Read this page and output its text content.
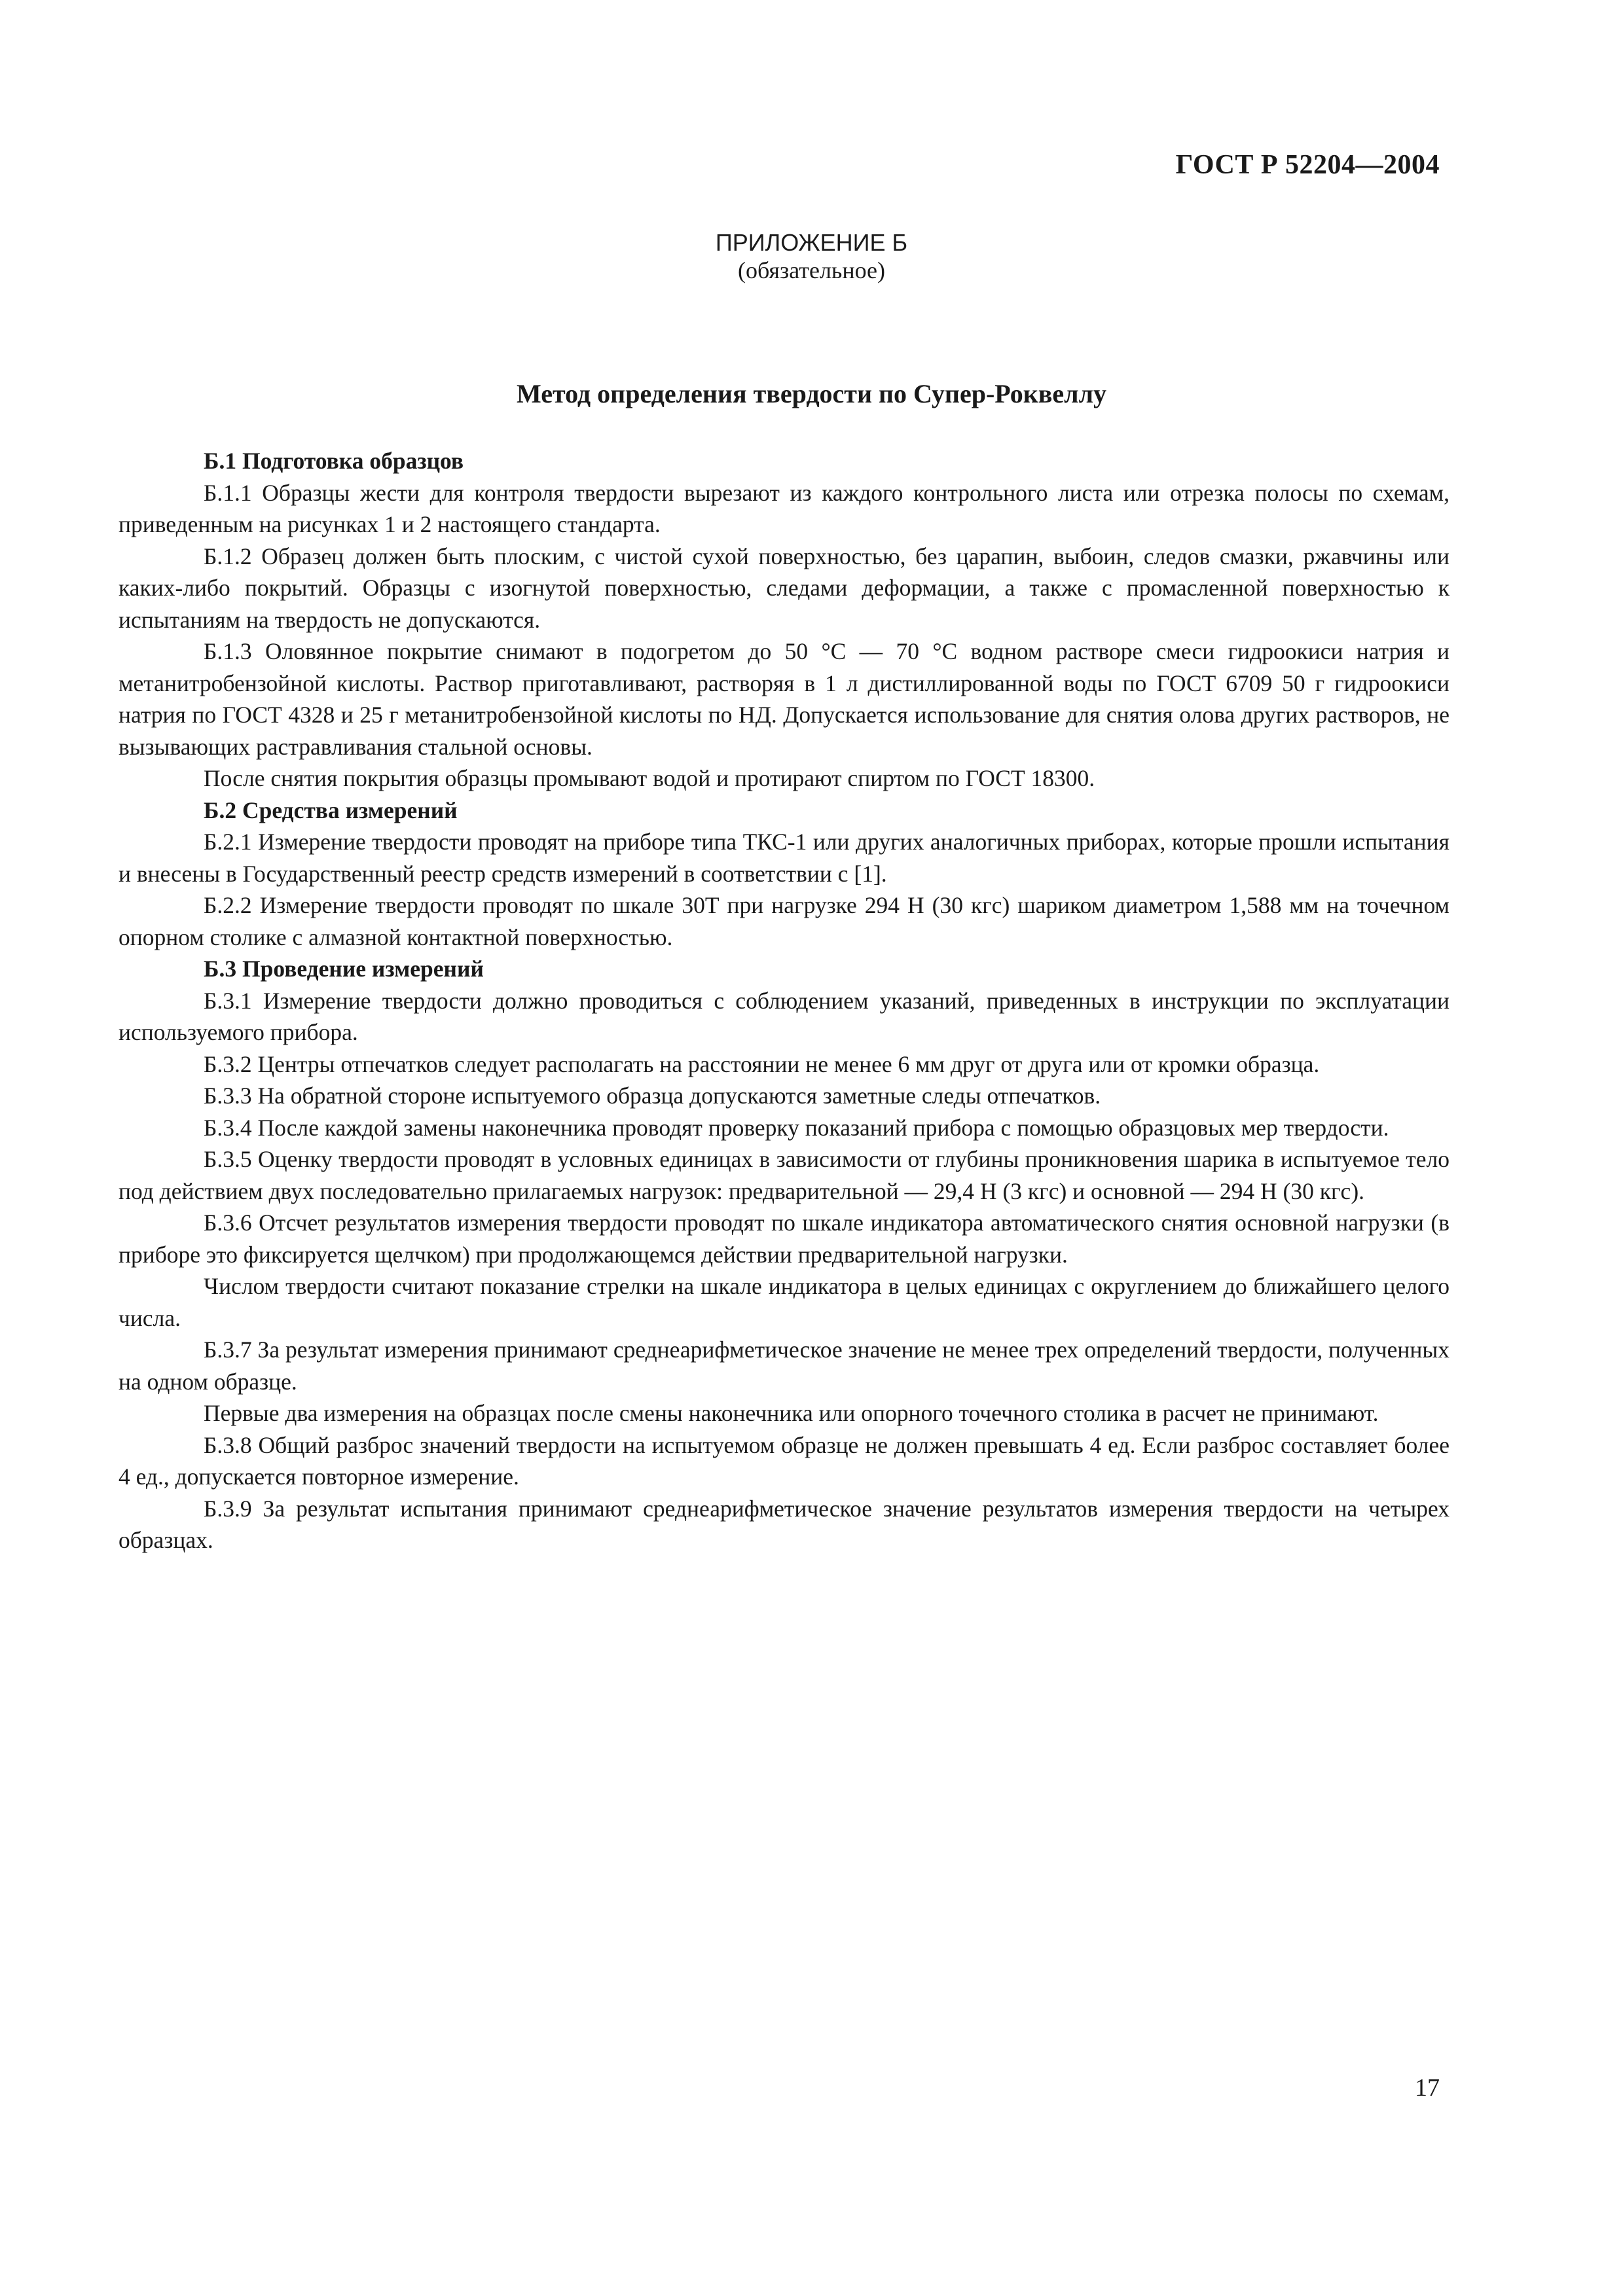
ГОСТ Р 52204—2004
ПРИЛОЖЕНИЕ Б
(обязательное)
Метод определения твердости по Супер-Роквеллу

Б.1 Подготовка образцов

Б.1.1 Образцы жести для контроля твердости вырезают из каждого контрольного листа или отрезка полосы по схемам, приведенным на рисунках 1 и 2 настоящего стандарта.

Б.1.2 Образец должен быть плоским, с чистой сухой поверхностью, без царапин, выбоин, следов смазки, ржавчины или каких-либо покрытий. Образцы с изогнутой поверхностью, следами деформации, а также с промасленной поверхностью к испытаниям на твердость не допускаются.

Б.1.3 Оловянное покрытие снимают в подогретом до 50 °С — 70 °С водном растворе смеси гидроокиси натрия и метанитробензойной кислоты. Раствор приготавливают, растворяя в 1 л дистиллированной воды по ГОСТ 6709 50 г гидроокиси натрия по ГОСТ 4328 и 25 г метанитробензойной кислоты по НД. Допускается использование для снятия олова других растворов, не вызывающих растравливания стальной основы.

После снятия покрытия образцы промывают водой и протирают спиртом по ГОСТ 18300.

Б.2 Средства измерений

Б.2.1 Измерение твердости проводят на приборе типа ТКС-1 или других аналогичных приборах, которые прошли испытания и внесены в Государственный реестр средств измерений в соответствии с [1].

Б.2.2 Измерение твердости проводят по шкале 30Т при нагрузке 294 Н (30 кгс) шариком диаметром 1,588 мм на точечном опорном столике с алмазной контактной поверхностью.

Б.3 Проведение измерений

Б.3.1 Измерение твердости должно проводиться с соблюдением указаний, приведенных в инструкции по эксплуатации используемого прибора.

Б.3.2 Центры отпечатков следует располагать на расстоянии не менее 6 мм друг от друга или от кромки образца.

Б.3.3 На обратной стороне испытуемого образца допускаются заметные следы отпечатков.

Б.3.4 После каждой замены наконечника проводят проверку показаний прибора с помощью образцовых мер твердости.

Б.3.5 Оценку твердости проводят в условных единицах в зависимости от глубины проникновения шарика в испытуемое тело под действием двух последовательно прилагаемых нагрузок: предварительной — 29,4 Н (3 кгс) и основной — 294 Н (30 кгс).

Б.3.6 Отсчет результатов измерения твердости проводят по шкале индикатора автоматического снятия основной нагрузки (в приборе это фиксируется щелчком) при продолжающемся действии предварительной нагрузки.

Числом твердости считают показание стрелки на шкале индикатора в целых единицах с округлением до ближайшего целого числа.

Б.3.7 За результат измерения принимают среднеарифметическое значение не менее трех определений твердости, полученных на одном образце.

Первые два измерения на образцах после смены наконечника или опорного точечного столика в расчет не принимают.

Б.3.8 Общий разброс значений твердости на испытуемом образце не должен превышать 4 ед. Если разброс составляет более 4 ед., допускается повторное измерение.

Б.3.9 За результат испытания принимают среднеарифметическое значение результатов измерения твердости на четырех образцах.

17
